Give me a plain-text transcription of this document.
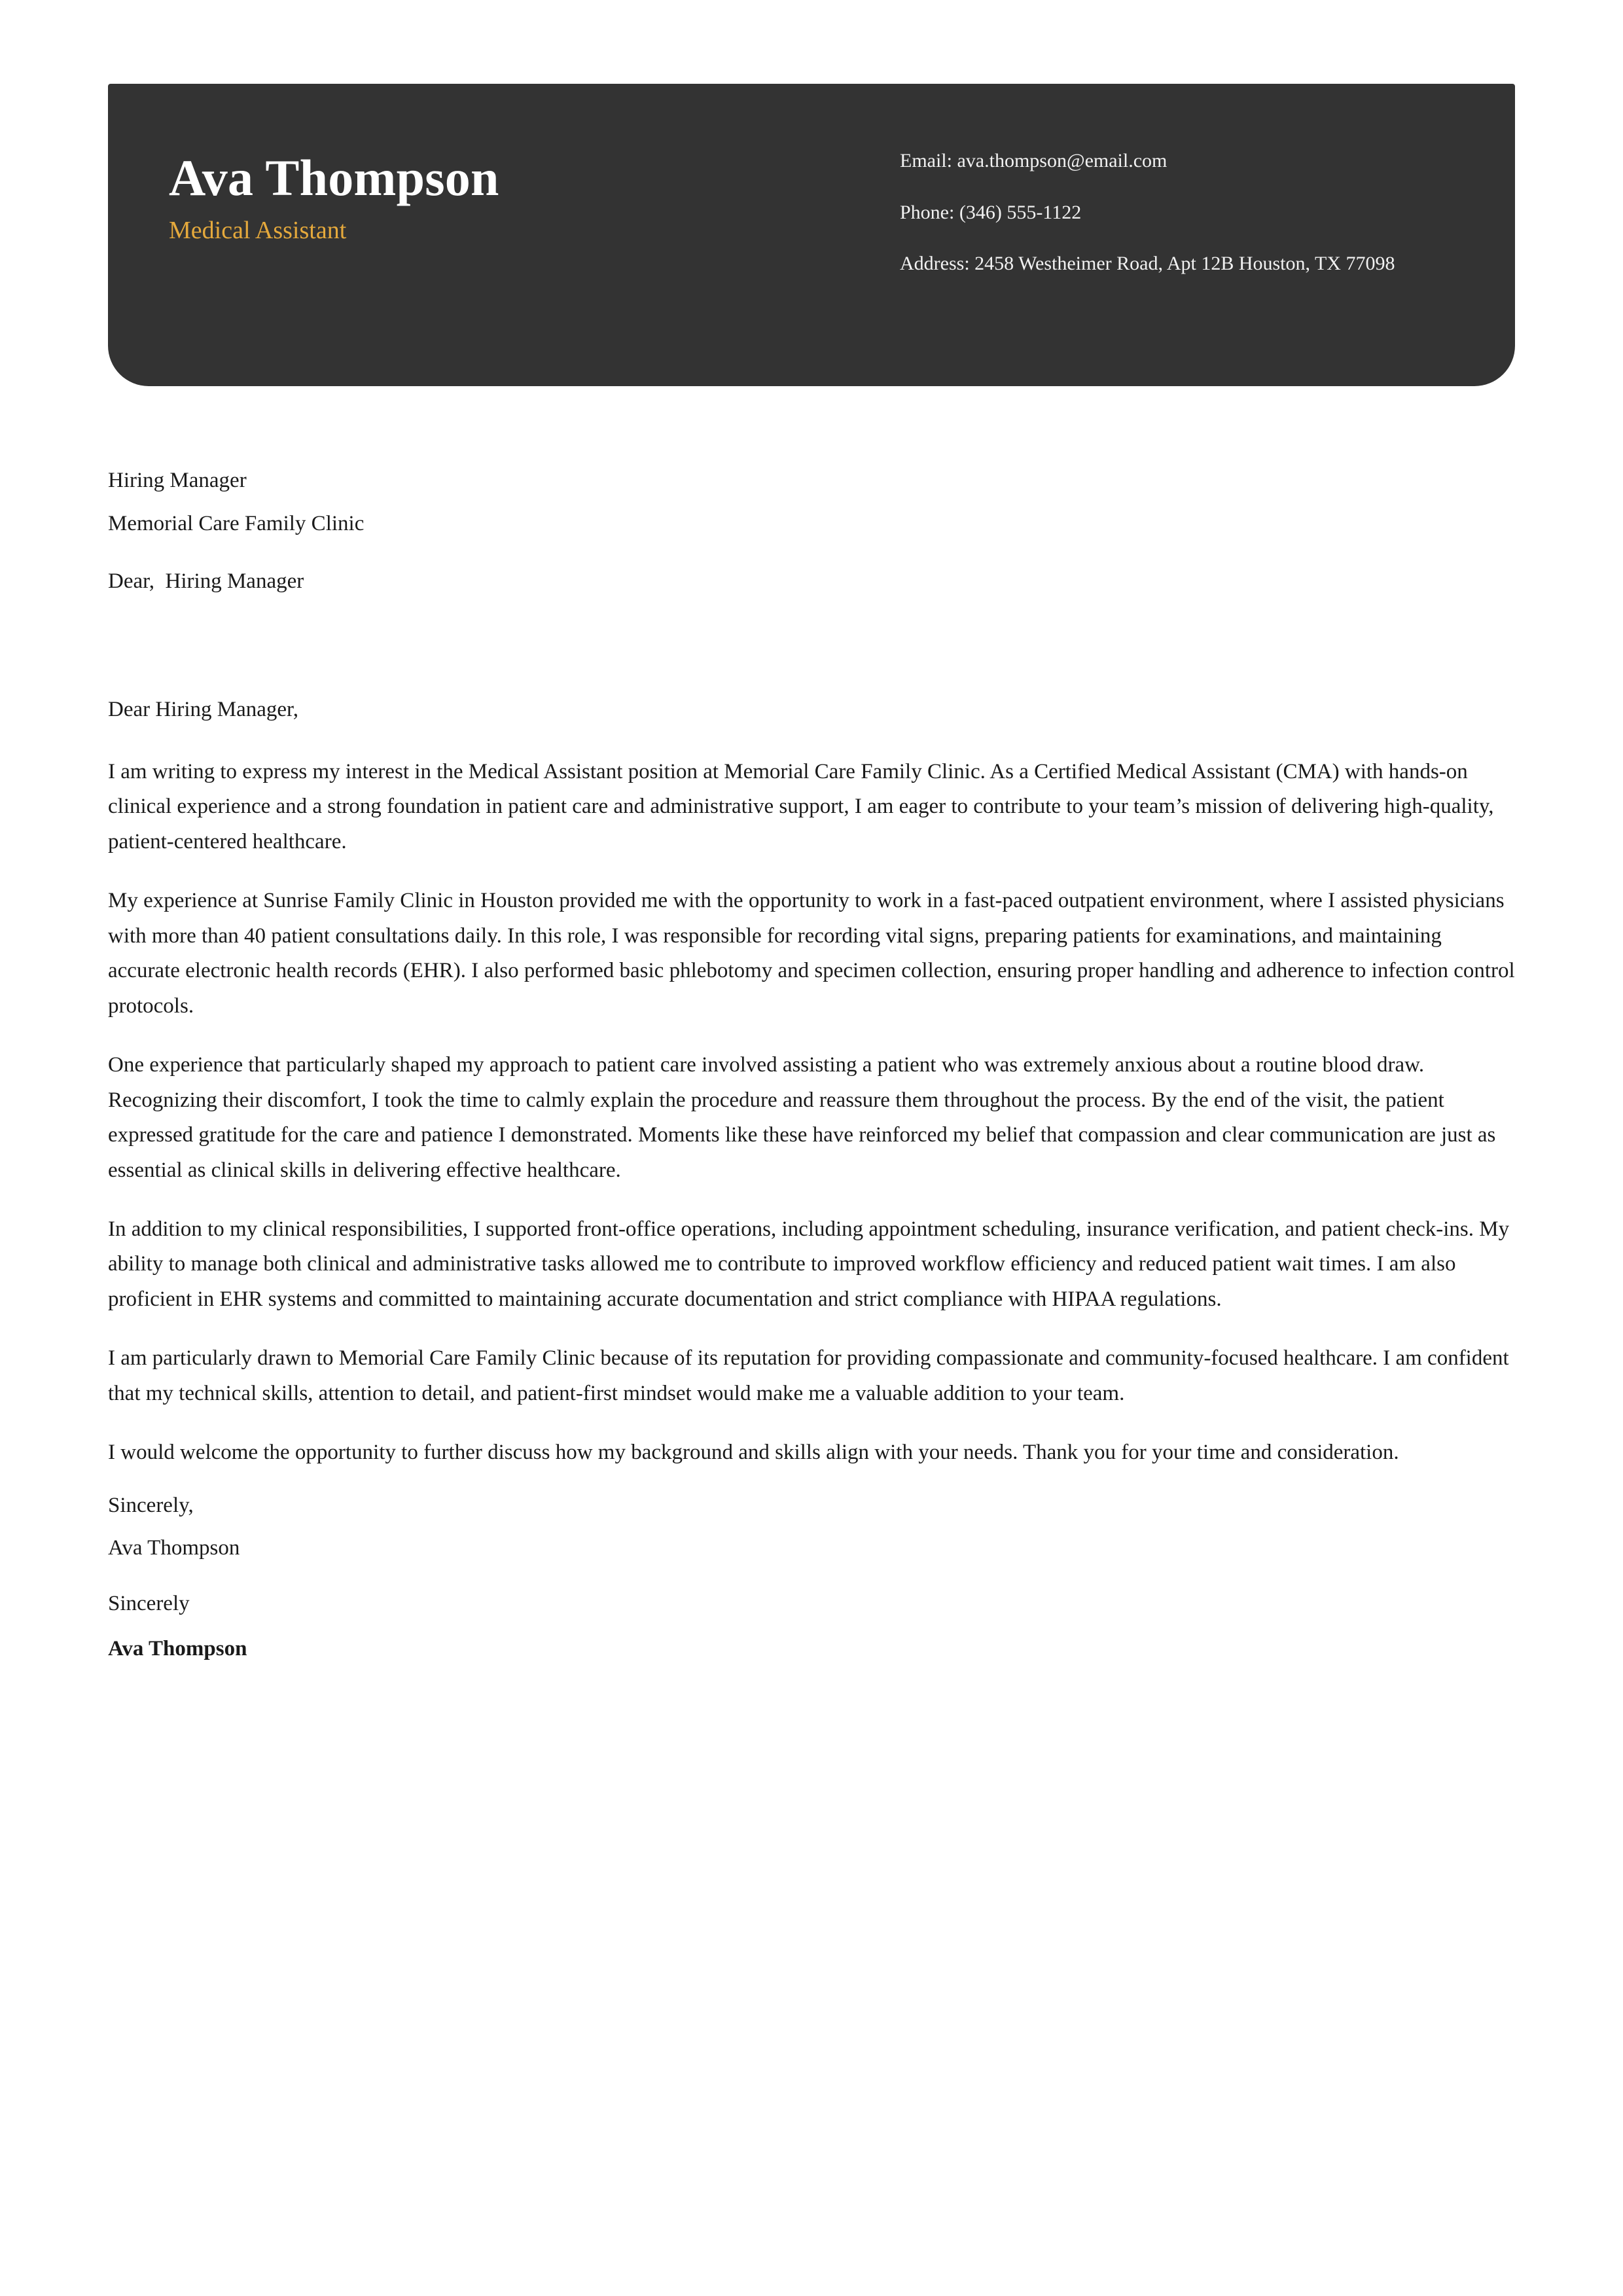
Ava Thompson
Medical Assistant
Email: ava.thompson@email.com
Phone: (346) 555-1122
Address: 2458 Westheimer Road, Apt 12B Houston, TX 77098
Hiring Manager
Memorial Care Family Clinic
Dear,  Hiring Manager
Dear Hiring Manager,

I am writing to express my interest in the Medical Assistant position at Memorial Care Family Clinic. As a Certified Medical Assistant (CMA) with hands-on clinical experience and a strong foundation in patient care and administrative support, I am eager to contribute to your team’s mission of delivering high-quality, patient-centered healthcare.

My experience at Sunrise Family Clinic in Houston provided me with the opportunity to work in a fast-paced outpatient environment, where I assisted physicians with more than 40 patient consultations daily. In this role, I was responsible for recording vital signs, preparing patients for examinations, and maintaining accurate electronic health records (EHR). I also performed basic phlebotomy and specimen collection, ensuring proper handling and adherence to infection control protocols.

One experience that particularly shaped my approach to patient care involved assisting a patient who was extremely anxious about a routine blood draw. Recognizing their discomfort, I took the time to calmly explain the procedure and reassure them throughout the process. By the end of the visit, the patient expressed gratitude for the care and patience I demonstrated. Moments like these have reinforced my belief that compassion and clear communication are just as essential as clinical skills in delivering effective healthcare.

In addition to my clinical responsibilities, I supported front-office operations, including appointment scheduling, insurance verification, and patient check-ins. My ability to manage both clinical and administrative tasks allowed me to contribute to improved workflow efficiency and reduced patient wait times. I am also proficient in EHR systems and committed to maintaining accurate documentation and strict compliance with HIPAA regulations.

I am particularly drawn to Memorial Care Family Clinic because of its reputation for providing compassionate and community-focused healthcare. I am confident that my technical skills, attention to detail, and patient-first mindset would make me a valuable addition to your team.

I would welcome the opportunity to further discuss how my background and skills align with your needs. Thank you for your time and consideration.

Sincerely,
Ava Thompson
Sincerely
Ava Thompson
